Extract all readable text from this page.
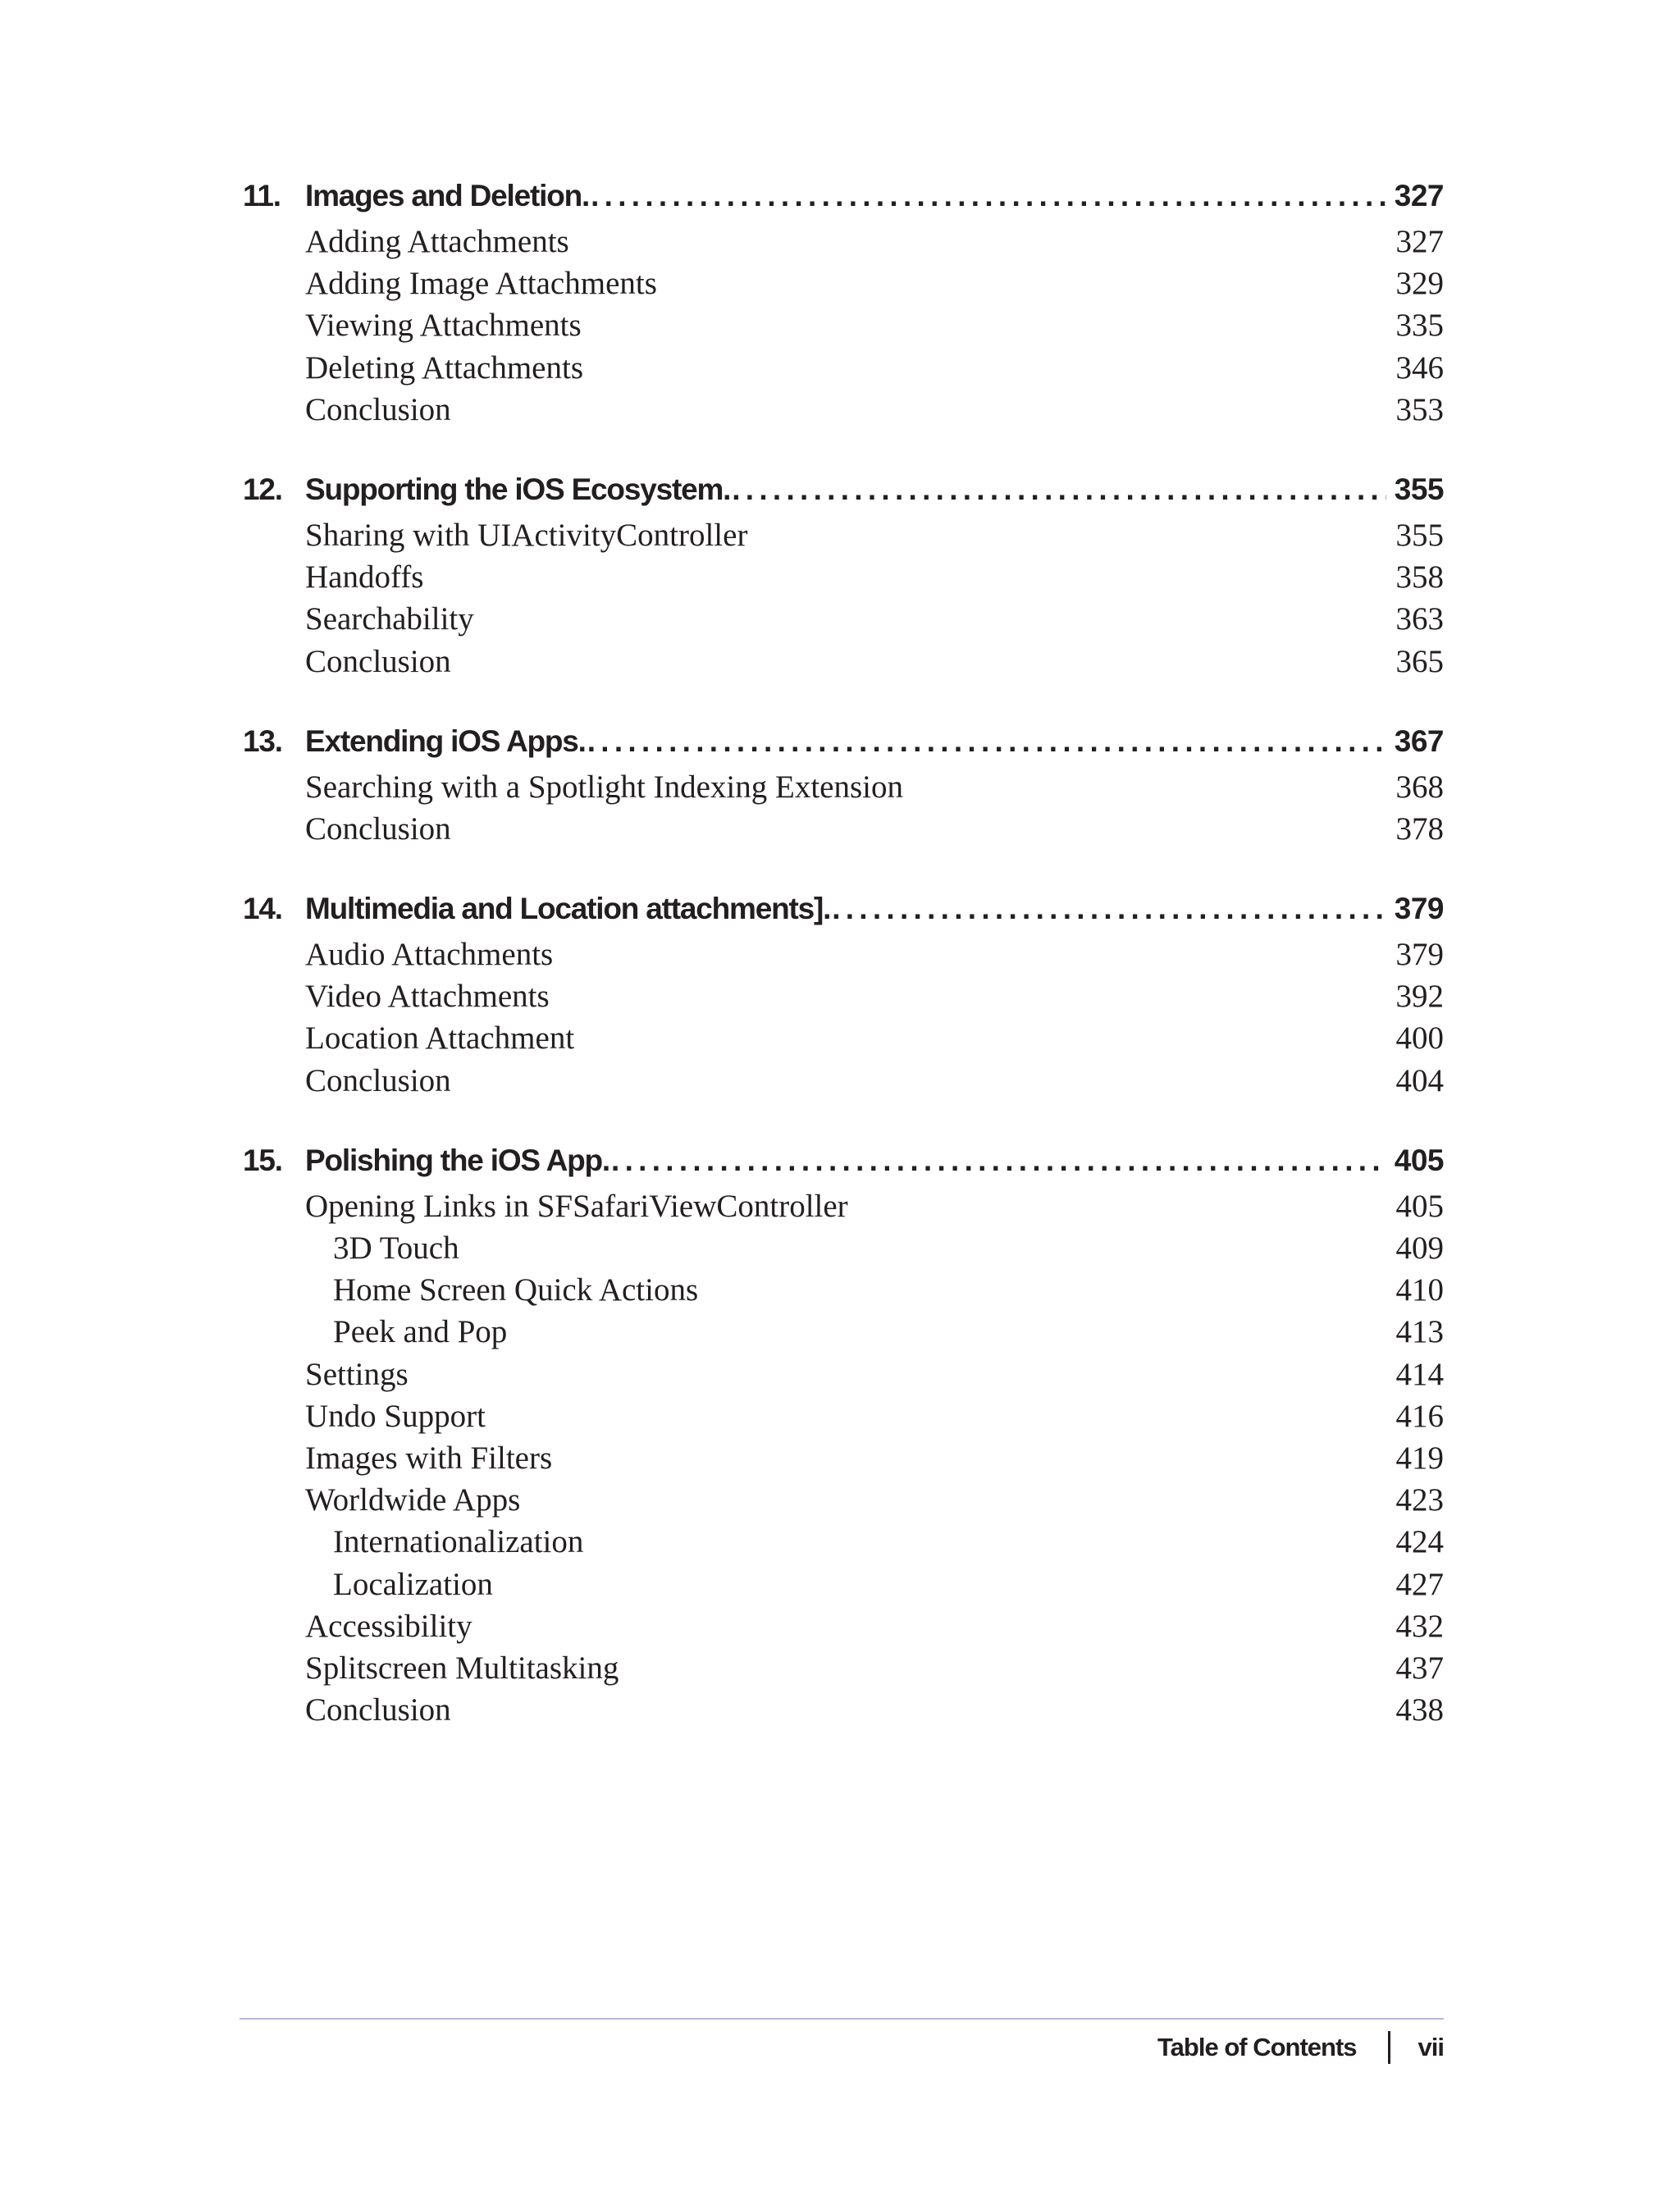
11. Images and Deletion. . . .	327
Adding Attachments	327
Adding Image Attachments	329
Viewing Attachments	335
Deleting Attachments	346
Conclusion	353
12. Supporting the iOS Ecosystem. . . .	355
Sharing with UIActivityController	355
Handoffs	358
Searchability	363
Conclusion	365
13. Extending iOS Apps. . . .	367
Searching with a Spotlight Indexing Extension	368
Conclusion	378
14. Multimedia and Location attachments]. . . .	379
Audio Attachments	379
Video Attachments	392
Location Attachment	400
Conclusion	404
15. Polishing the iOS App. . . .	405
Opening Links in SFSafariViewController	405
3D Touch	409
Home Screen Quick Actions	410
Peek and Pop	413
Settings	414
Undo Support	416
Images with Filters	419
Worldwide Apps	423
Internationalization	424
Localization	427
Accessibility	432
Splitscreen Multitasking	437
Conclusion	438
Table of Contents vii
